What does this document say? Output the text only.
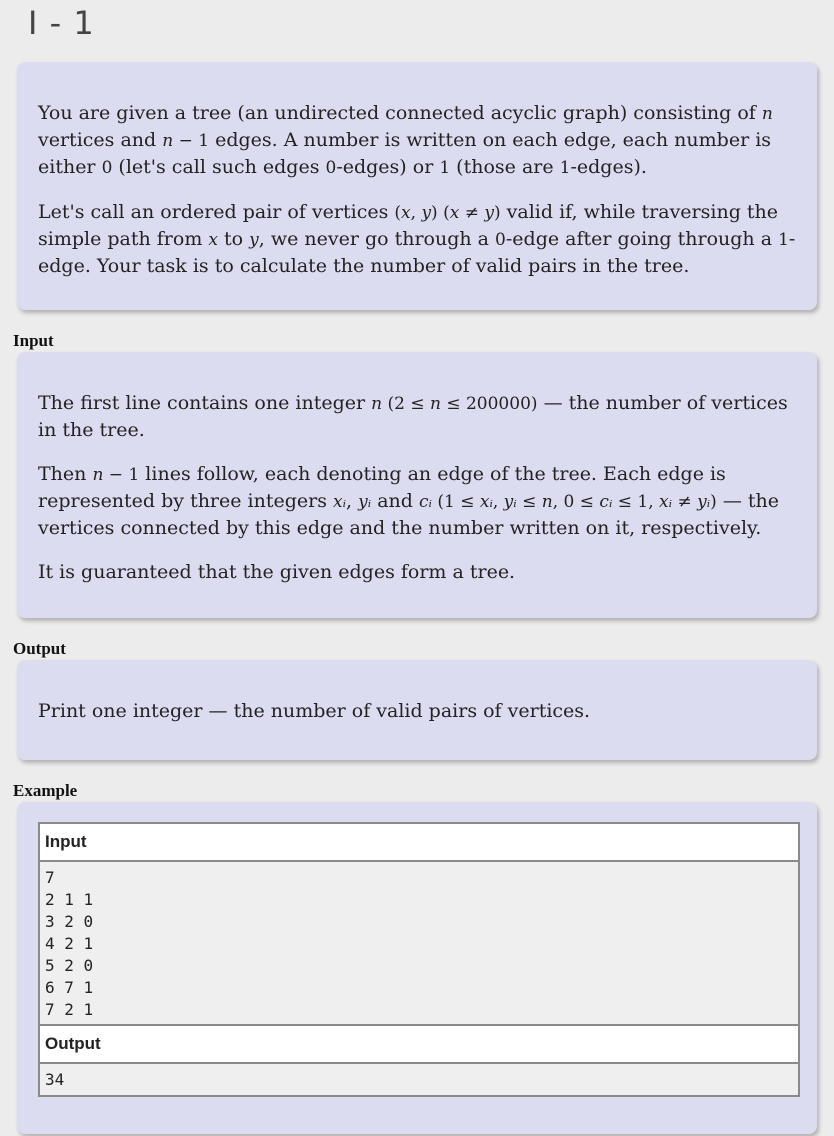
I - 1

You are given a tree (an undirected connected acyclic graph) consisting of n vertices and n − 1 edges. A number is written on each edge, each number is either 0 (let's call such edges 0-edges) or 1 (those are 1-edges).

Let's call an ordered pair of vertices (x, y) (x ≠ y) valid if, while traversing the simple path from x to y, we never go through a 0-edge after going through a 1-edge. Your task is to calculate the number of valid pairs in the tree.

Input

The first line contains one integer n (2 ≤ n ≤ 200000) — the number of vertices in the tree.

Then n − 1 lines follow, each denoting an edge of the tree. Each edge is represented by three integers xᵢ, yᵢ and cᵢ (1 ≤ xᵢ, yᵢ ≤ n, 0 ≤ cᵢ ≤ 1, xᵢ ≠ yᵢ) — the vertices connected by this edge and the number written on it, respectively.

It is guaranteed that the given edges form a tree.

Output

Print one integer — the number of valid pairs of vertices.

Example
Input
7
2 1 1
3 2 0
4 2 1
5 2 0
6 7 1
7 2 1
Output
34
